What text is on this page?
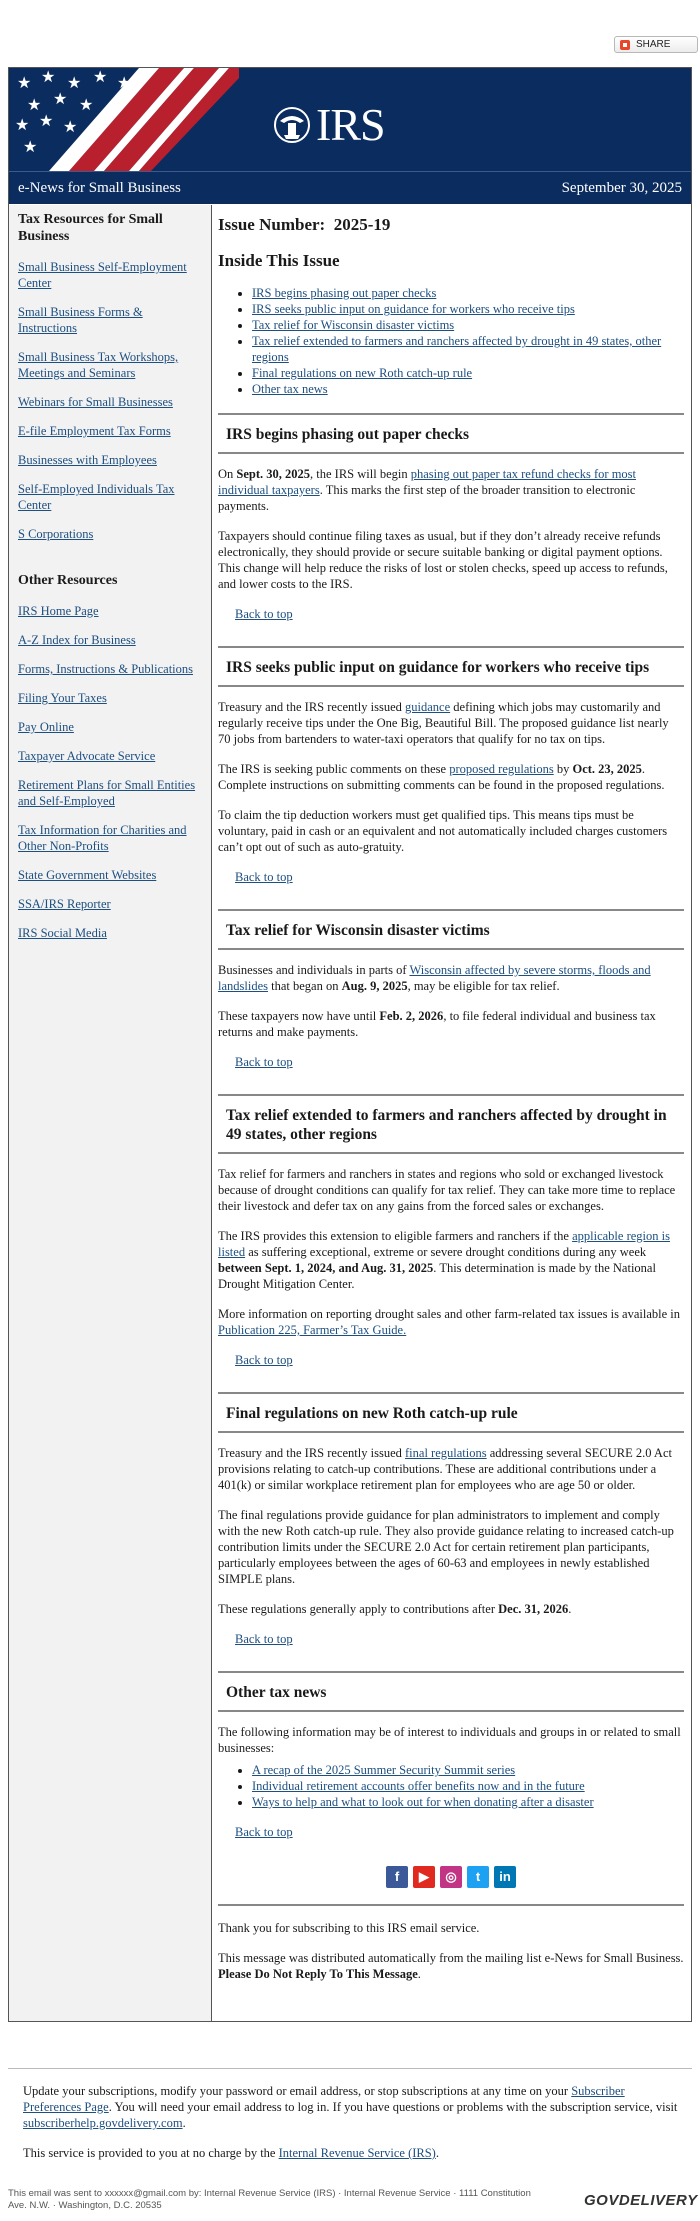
SHARE
★ ★ ★ ★ ★
★ ★ ★
★ ★ ★
★	IRS
e-News for Small Business	September 30, 2025
Tax Resources for Small Business
Small Business Self-Employment Center
Small Business Forms & Instructions
Small Business Tax Workshops, Meetings and Seminars
Webinars for Small Businesses
E-file Employment Tax Forms
Businesses with Employees
Self-Employed Individuals Tax Center
S Corporations
Other Resources
IRS Home Page
A-Z Index for Business
Forms, Instructions & Publications
Filing Your Taxes
Pay Online
Taxpayer Advocate Service
Retirement Plans for Small Entities and Self-Employed
Tax Information for Charities and Other Non-Profits
State Government Websites
SSA/IRS Reporter
IRS Social Media
Issue Number: 2025-19
Inside This Issue
• IRS begins phasing out paper checks
• IRS seeks public input on guidance for workers who receive tips
• Tax relief for Wisconsin disaster victims
• Tax relief extended to farmers and ranchers affected by drought in 49 states, other regions
• Final regulations on new Roth catch-up rule
• Other tax news
IRS begins phasing out paper checks

On Sept. 30, 2025, the IRS will begin phasing out paper tax refund checks for most individual taxpayers. This marks the first step of the broader transition to electronic payments.

Taxpayers should continue filing taxes as usual, but if they don’t already receive refunds electronically, they should provide or secure suitable banking or digital payment options. This change will help reduce the risks of lost or stolen checks, speed up access to refunds, and lower costs to the IRS.

Back to top
IRS seeks public input on guidance for workers who receive tips

Treasury and the IRS recently issued guidance defining which jobs may customarily and regularly receive tips under the One Big, Beautiful Bill. The proposed guidance list nearly 70 jobs from bartenders to water-taxi operators that qualify for no tax on tips.

The IRS is seeking public comments on these proposed regulations by Oct. 23, 2025. Complete instructions on submitting comments can be found in the proposed regulations.

To claim the tip deduction workers must get qualified tips. This means tips must be voluntary, paid in cash or an equivalent and not automatically included charges customers can’t opt out of such as auto-gratuity.

Back to top
Tax relief for Wisconsin disaster victims

Businesses and individuals in parts of Wisconsin affected by severe storms, floods and landslides that began on Aug. 9, 2025, may be eligible for tax relief.

These taxpayers now have until Feb. 2, 2026, to file federal individual and business tax returns and make payments.

Back to top
Tax relief extended to farmers and ranchers affected by drought in 49 states, other regions

Tax relief for farmers and ranchers in states and regions who sold or exchanged livestock because of drought conditions can qualify for tax relief. They can take more time to replace their livestock and defer tax on any gains from the forced sales or exchanges.

The IRS provides this extension to eligible farmers and ranchers if the applicable region is listed as suffering exceptional, extreme or severe drought conditions during any week between Sept. 1, 2024, and Aug. 31, 2025. This determination is made by the National Drought Mitigation Center.

More information on reporting drought sales and other farm-related tax issues is available in Publication 225, Farmer’s Tax Guide.

Back to top
Final regulations on new Roth catch-up rule

Treasury and the IRS recently issued final regulations addressing several SECURE 2.0 Act provisions relating to catch-up contributions. These are additional contributions under a 401(k) or similar workplace retirement plan for employees who are age 50 or older.

The final regulations provide guidance for plan administrators to implement and comply with the new Roth catch-up rule. They also provide guidance relating to increased catch-up contribution limits under the SECURE 2.0 Act for certain retirement plan participants, particularly employees between the ages of 60-63 and employees in newly established SIMPLE plans.

These regulations generally apply to contributions after Dec. 31, 2026.

Back to top
Other tax news

The following information may be of interest to individuals and groups in or related to small businesses:

• A recap of the 2025 Summer Security Summit series
• Individual retirement accounts offer benefits now and in the future
• Ways to help and what to look out for when donating after a disaster
Back to top
f	▶	◎	t	in

Thank you for subscribing to this IRS email service.

This message was distributed automatically from the mailing list e-News for Small Business. Please Do Not Reply To This Message.

Update your subscriptions, modify your password or email address, or stop subscriptions at any time on your Subscriber Preferences Page. You will need your email address to log in. If you have questions or problems with the subscription service, visit subscriberhelp.govdelivery.com.

This service is provided to you at no charge by the Internal Revenue Service (IRS).

This email was sent to xxxxxx@gmail.com by: Internal Revenue Service (IRS) · Internal Revenue Service · 1111 Constitution Ave. N.W. · Washington, D.C. 20535	GOVDELIVERY
